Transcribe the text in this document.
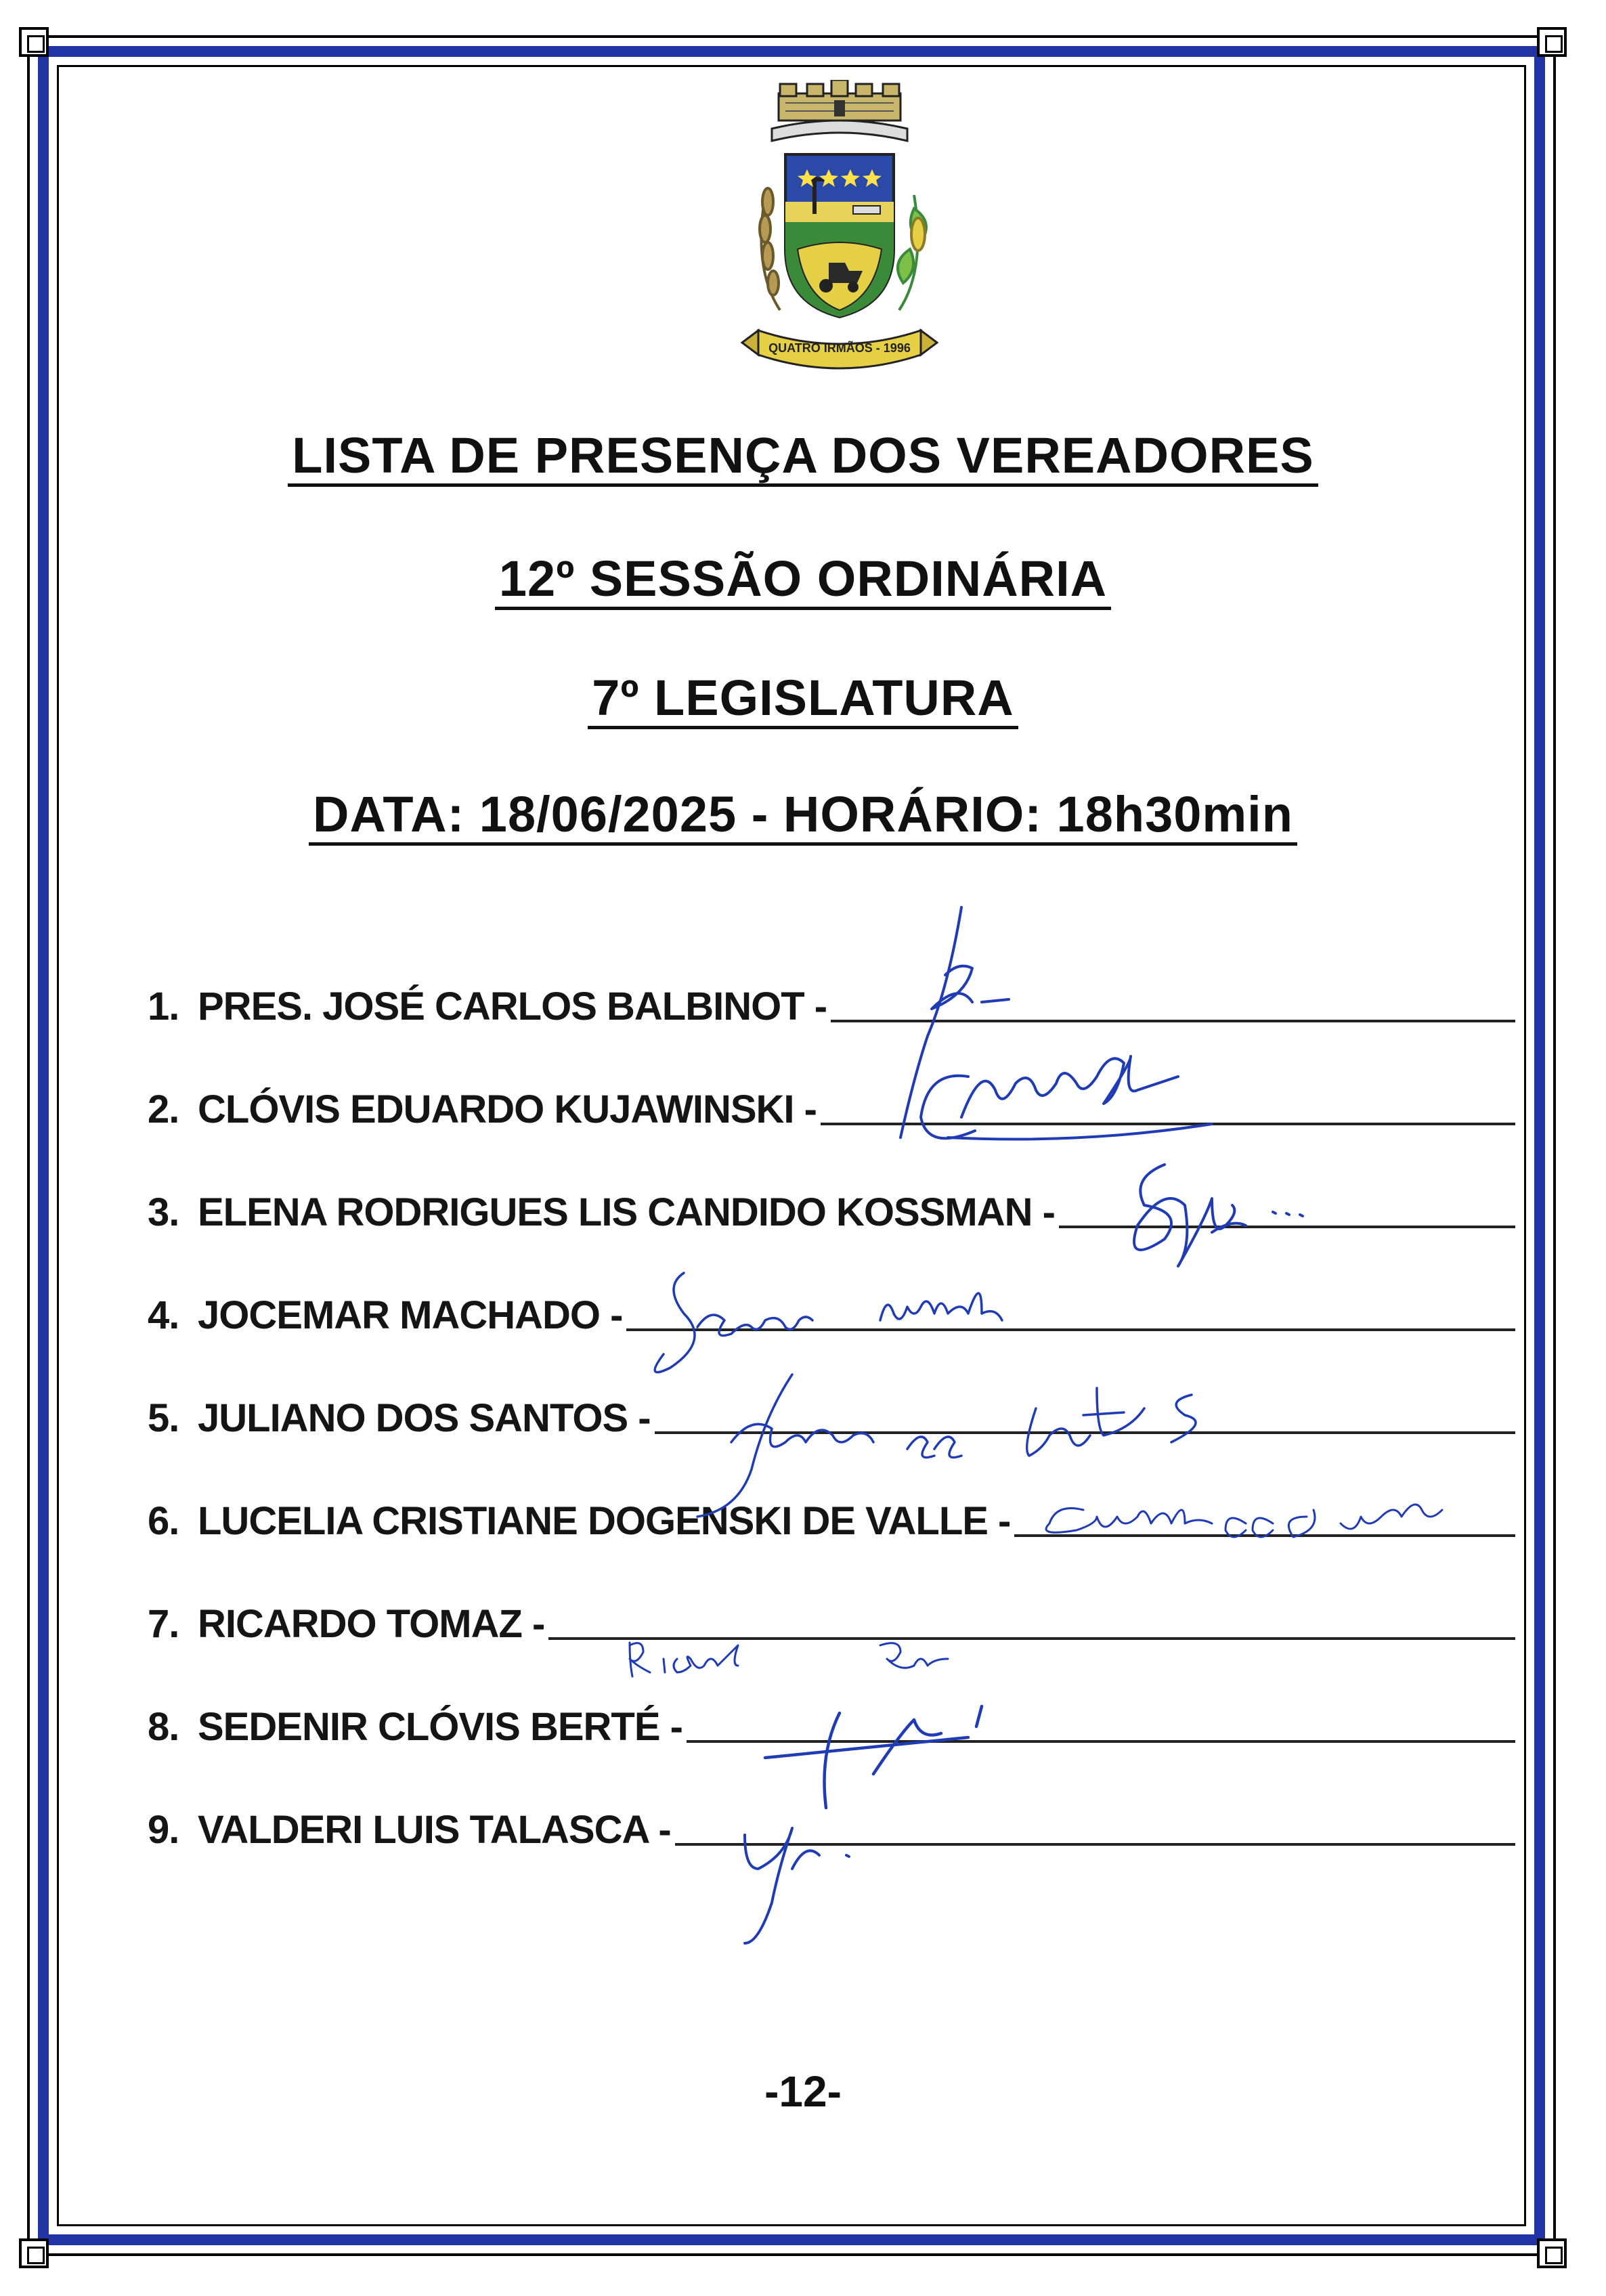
QUATRO IRMÃOS - 1996
LISTA DE PRESENÇA DOS VEREADORES
12º SESSÃO ORDINÁRIA
7º LEGISLATURA
DATA: 18/06/2025 - HORÁRIO: 18h30min
1. PRES. JOSÉ CARLOS BALBINOT -
2. CLÓVIS EDUARDO KUJAWINSKI -
3. ELENA RODRIGUES LIS CANDIDO KOSSMAN -
4. JOCEMAR MACHADO -
5. JULIANO DOS SANTOS -
6. LUCELIA CRISTIANE DOGENSKI DE VALLE -
7. RICARDO TOMAZ -
8. SEDENIR CLÓVIS BERTÉ -
9. VALDERI LUIS TALASCA -
-12-
